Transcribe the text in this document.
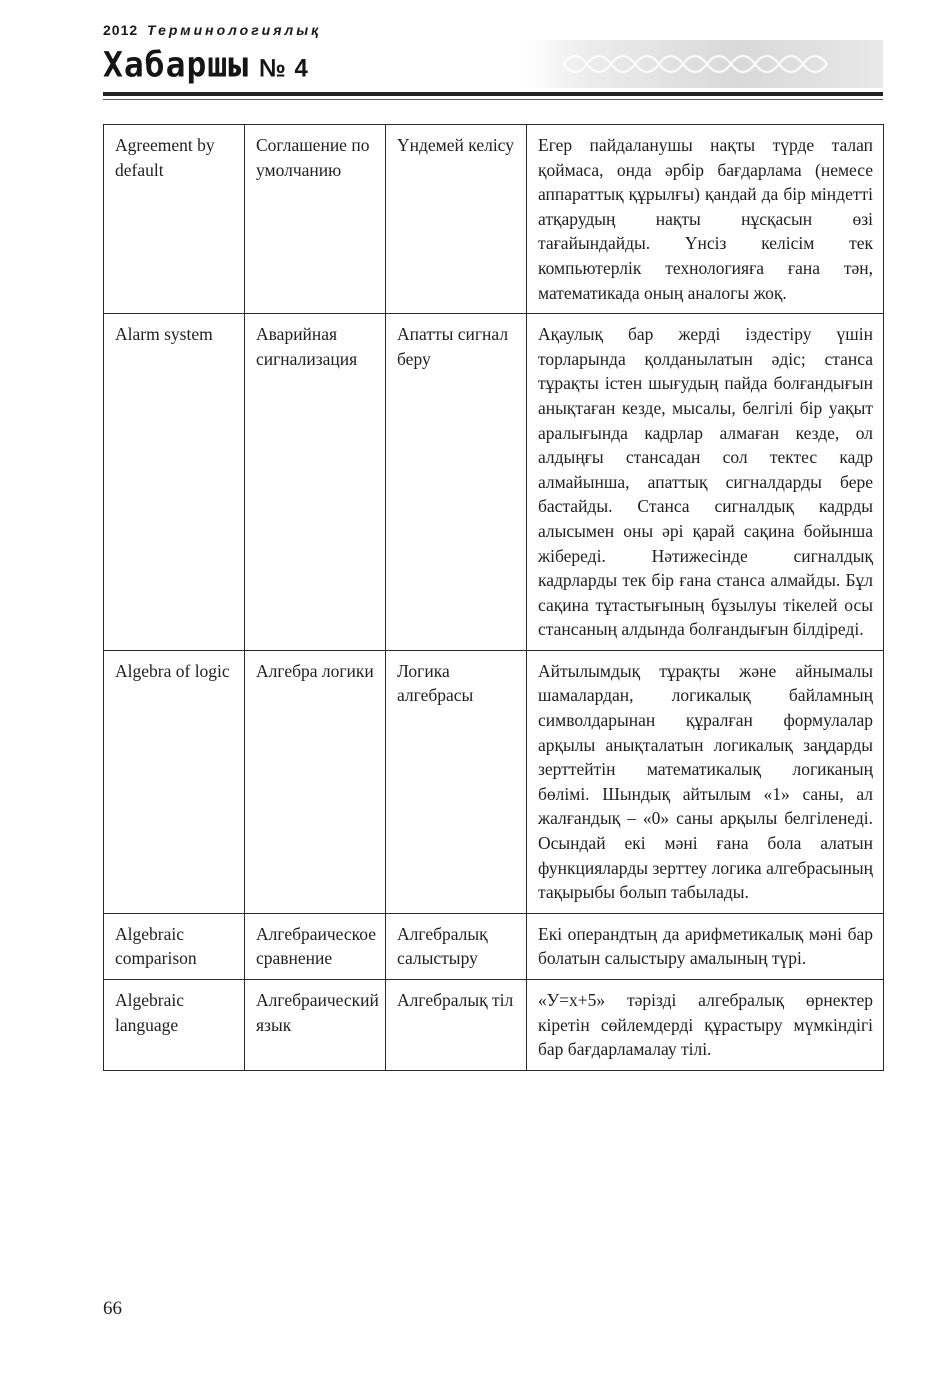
2012 Терминологиялық
Хабаршы № 4
Agreement by default	Соглашение по умолчанию	Үндемей келісу	Егер пайдаланушы нақты түрде талап қоймаса, онда әрбір бағдарлама (немесе аппараттық құрылғы) қандай да бір міндетті атқарудың нақты нұсқасын өзі тағайындайды. Үнсіз келісім тек компьютерлік технологияға ғана тән, математикада оның аналогы жоқ.
Alarm system	Аварийная сигнализация	Апатты сигнал беру	Ақаулық бар жерді іздестіру үшін торларында қолданылатын әдіс; станса тұрақты істен шығудың пайда болғандығын анықтаған кезде, мысалы, белгілі бір уақыт аралығында кадрлар алмаған кезде, ол алдыңғы стансадан сол тектес кадр алмайынша, апаттық сигналдарды бере бастайды. Станса сигналдық кадрды алысымен оны әрі қарай сақина бойынша жібереді. Нәтижесінде сигналдық кадрларды тек бір ғана станса алмайды. Бұл сақина тұтастығының бұзылуы тікелей осы стансаның алдында болғандығын білдіреді.
Algebra of logic	Алгебра логики	Логика алгебрасы	Айтылымдық тұрақты және айнымалы шамалардан, логикалық байламның символдарынан құралған формулалар арқылы анықталатын логикалық заңдарды зерттейтін математикалық логиканың бөлімі. Шындық айтылым «1» саны, ал жалғандық – «0» саны арқылы белгіленеді. Осындай екі мәні ғана бола алатын функцияларды зерттеу логика алгебрасының тақырыбы болып табылады.
Algebraic comparison	Алгебраическое сравнение	Алгебралық салыстыру	Екі операндтың да арифметикалық мәні бар болатын салыстыру амалының түрі.
Algebraic language	Алгебраический язык	Алгебралық тіл	«У=х+5» тәрізді алгебралық өрнектер кіретін сөйлемдерді құрастыру мүмкіндігі бар бағдарламалау тілі.
66
